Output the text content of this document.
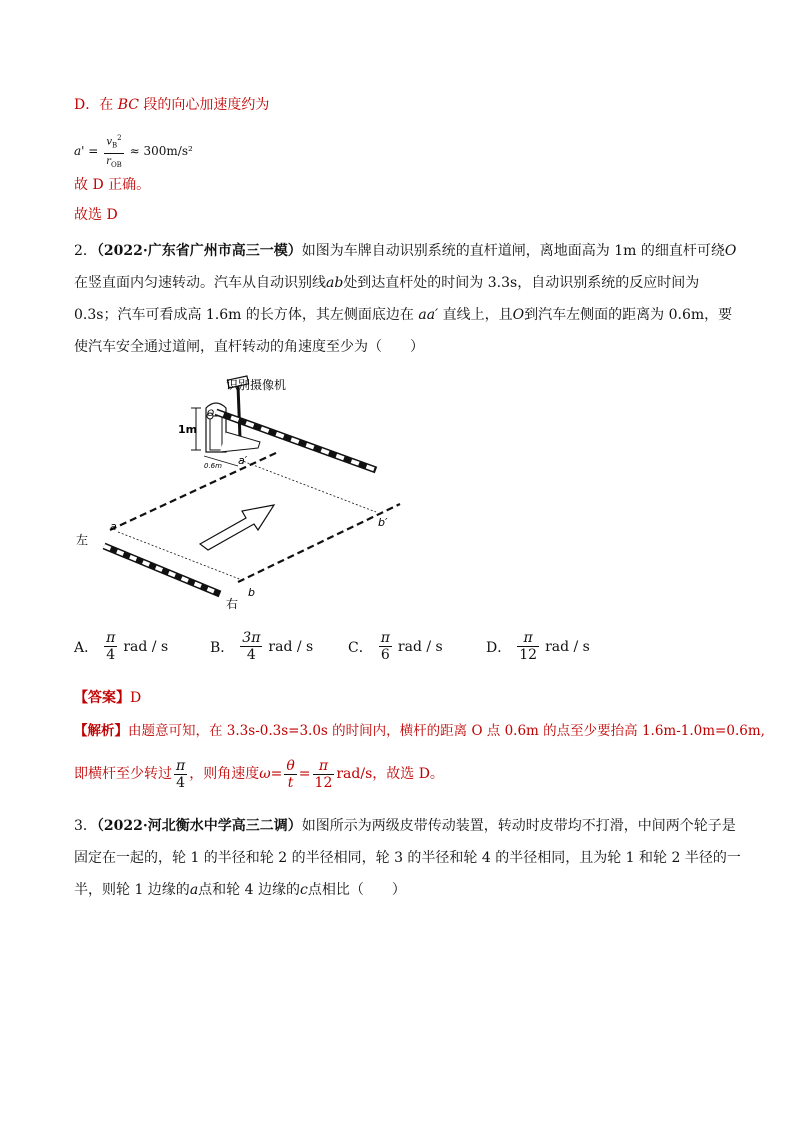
D．在 BC 段的向心加速度约为
$a' = \frac{v_B^2}{r_{OB}} \approx 300m/s^2$
故 D 正确。
故选 D
2．（2022·广东省广州市高三一模）如图为车牌自动识别系统的直杆道闸，离地面高为 1m 的细直杆可绕O
在竖直面内匀速转动。汽车从自动识别线ab处到达直杆处的时间为 3.3s，自动识别系统的反应时间为
0.3s；汽车可看成高 1.6m 的长方体，其左侧面底边在 aa′ 直线上，且O到汽车左侧面的距离为 0.6m，要
使汽车安全通过道闸，直杆转动的角速度至少为（　　）
识别摄像机
O
1m
0.6m
a
a′
b
b′
左
右
A． $\frac{\pi}{4}$ rad / s	B． $\frac{3\pi}{4}$ rad / s C． $\frac{\pi}{6}$ rad / s	D． $\frac{\pi}{12}$ rad / s
【答案】D
【解析】由题意可知，在 3.3s-0.3s=3.0s 的时间内，横杆的距离 O 点 0.6m 的点至少要抬高 1.6m-1.0m=0.6m,
即横杆至少转过 $\frac{\pi}{4}$ ，则角速度 $\omega= \frac{\theta}{t} = \frac{\pi}{12} rad/s$，故选 D。
3．（2022·河北衡水中学高三二调）如图所示为两级皮带传动装置，转动时皮带均不打滑，中间两个轮子是
固定在一起的，轮 1 的半径和轮 2 的半径相同，轮 3 的半径和轮 4 的半径相同，且为轮 1 和轮 2 半径的一
半，则轮 1 边缘的a点和轮 4 边缘的c点相比（　　）
